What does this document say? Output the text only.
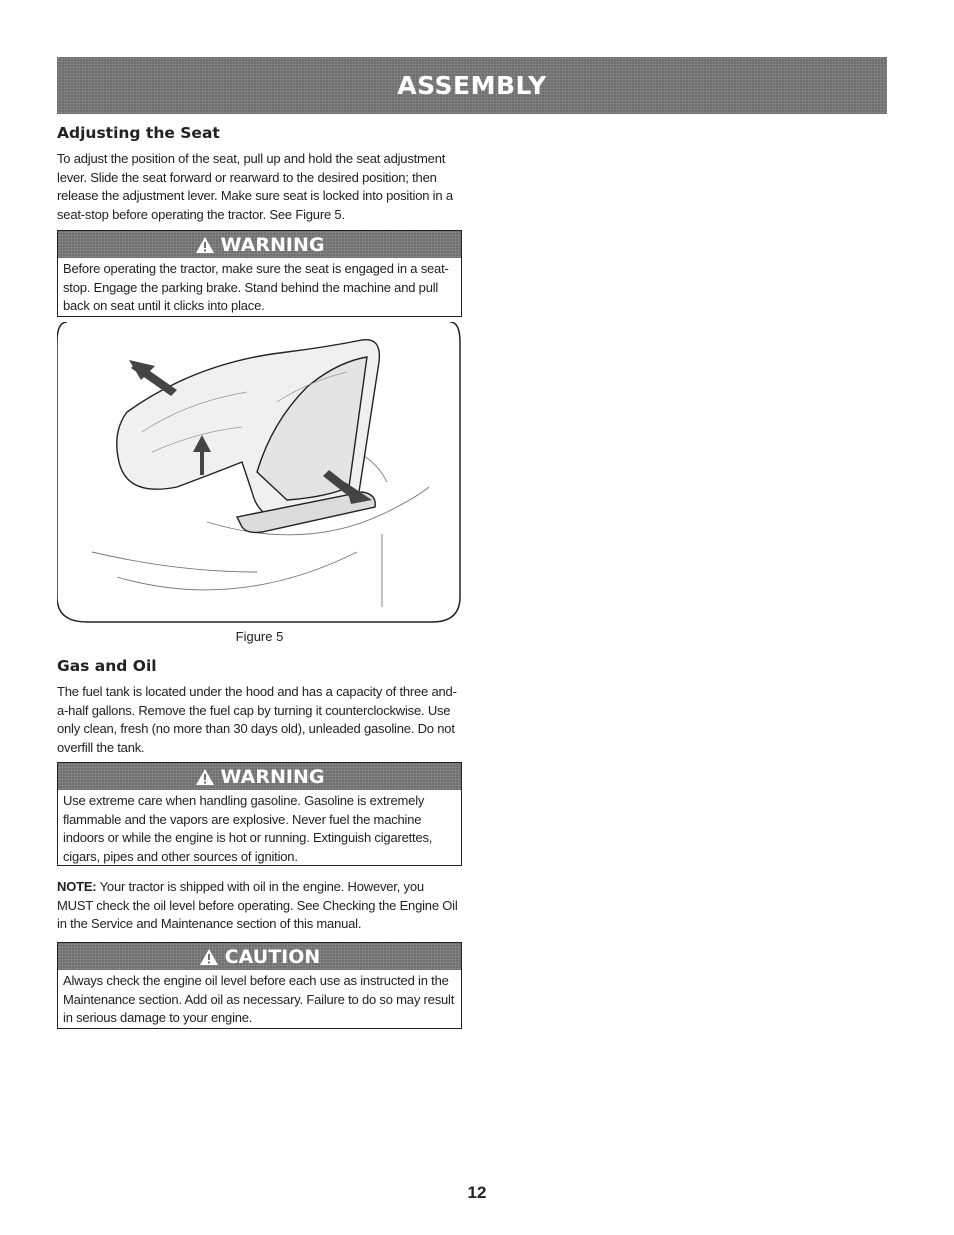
ASSEMBLY
Adjusting the Seat

To adjust the position of the seat, pull up and hold the seat adjustment lever. Slide the seat forward or rearward to the desired position; then release the adjustment lever. Make sure seat is locked into position in a seat-stop before operating the tractor. See Figure 5.

WARNING

Before operating the tractor, make sure the seat is engaged in a seat-stop. Engage the parking brake. Stand behind the machine and pull back on seat until it clicks into place.

Figure 5
Gas and Oil

The fuel tank is located under the hood and has a capacity of three and-a-half gallons. Remove the fuel cap by turning it counterclockwise. Use only clean, fresh (no more than 30 days old), unleaded gasoline. Do not overfill the tank.

WARNING

Use extreme care when handling gasoline. Gasoline is extremely flammable and the vapors are explosive. Never fuel the machine indoors or while the engine is hot or running. Extinguish cigarettes, cigars, pipes and other sources of ignition.

NOTE: Your tractor is shipped with oil in the engine. However, you MUST check the oil level before operating. See Checking the Engine Oil in the Service and Maintenance section of this manual.

CAUTION

Always check the engine oil level before each use as instructed in the Maintenance section. Add oil as necessary. Failure to do so may result in serious damage to your engine.

12
